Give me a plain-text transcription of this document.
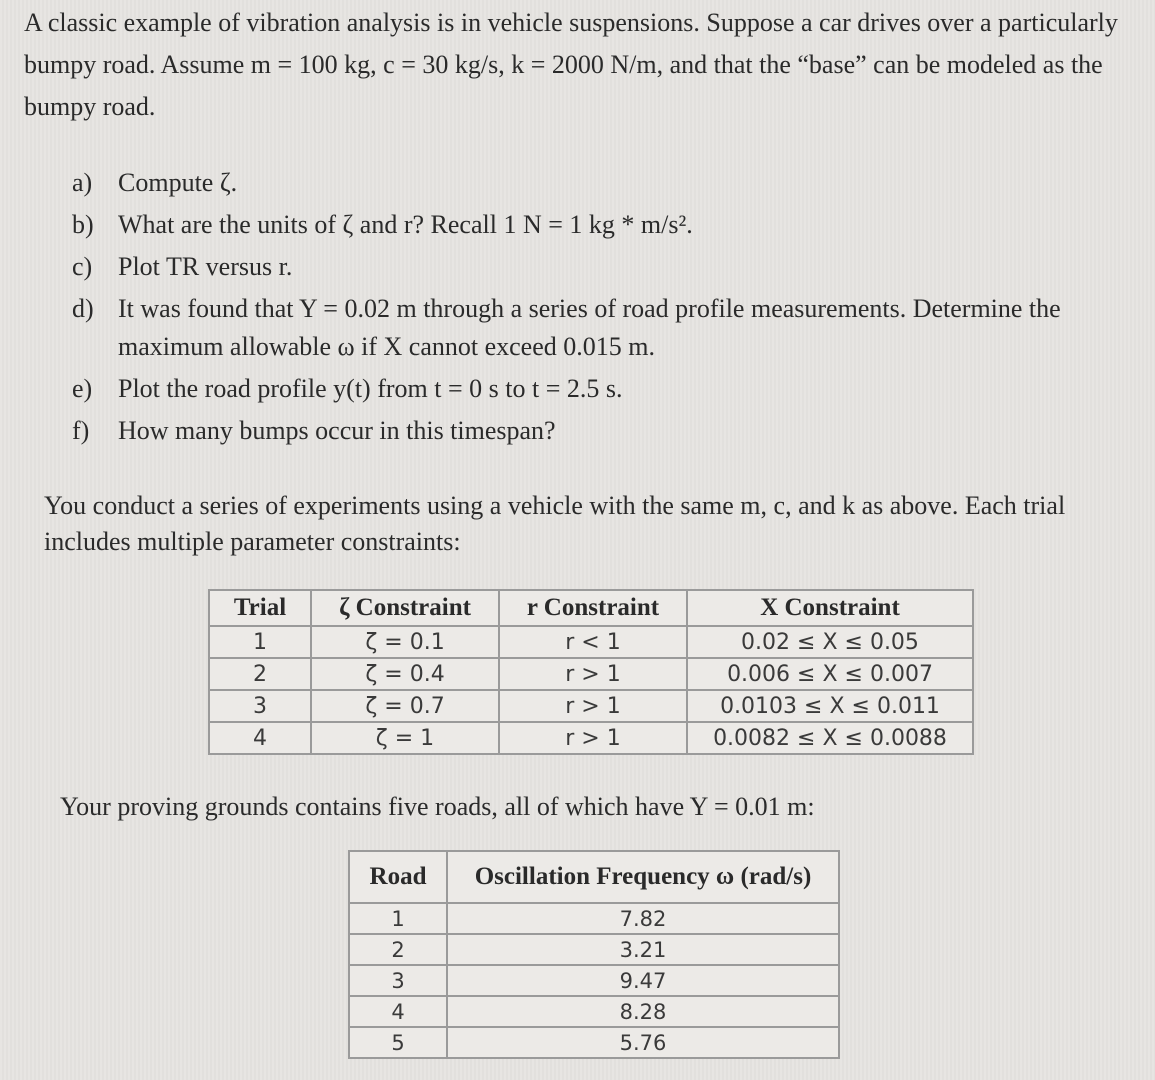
A classic example of vibration analysis is in vehicle suspensions. Suppose a car drives over a particularly bumpy road. Assume m = 100 kg, c = 30 kg/s, k = 2000 N/m, and that the “base” can be modeled as the bumpy road.
a) Compute ζ.
b) What are the units of ζ and r? Recall 1 N = 1 kg * m/s².
c) Plot TR versus r.
d) It was found that Y = 0.02 m through a series of road profile measurements. Determine the maximum allowable ω if X cannot exceed 0.015 m.
e) Plot the road profile y(t) from t = 0 s to t = 2.5 s.
f)	How many bumps occur in this timespan?
You conduct a series of experiments using a vehicle with the same m, c, and k as above. Each trial includes multiple parameter constraints:
Trial	ζ Constraint	r Constraint	X Constraint
1	ζ = 0.1	r < 1	0.02 ≤ X ≤ 0.05
2	ζ = 0.4	r > 1	0.006 ≤ X ≤ 0.007
3	ζ = 0.7	r > 1	0.0103 ≤ X ≤ 0.011
4	ζ = 1	r > 1	0.0082 ≤ X ≤ 0.0088
Your proving grounds contains five roads, all of which have Y = 0.01 m:
Road	Oscillation Frequency ω (rad/s)
1	7.82
2	3.21
3	9.47
4	8.28
5	5.76
